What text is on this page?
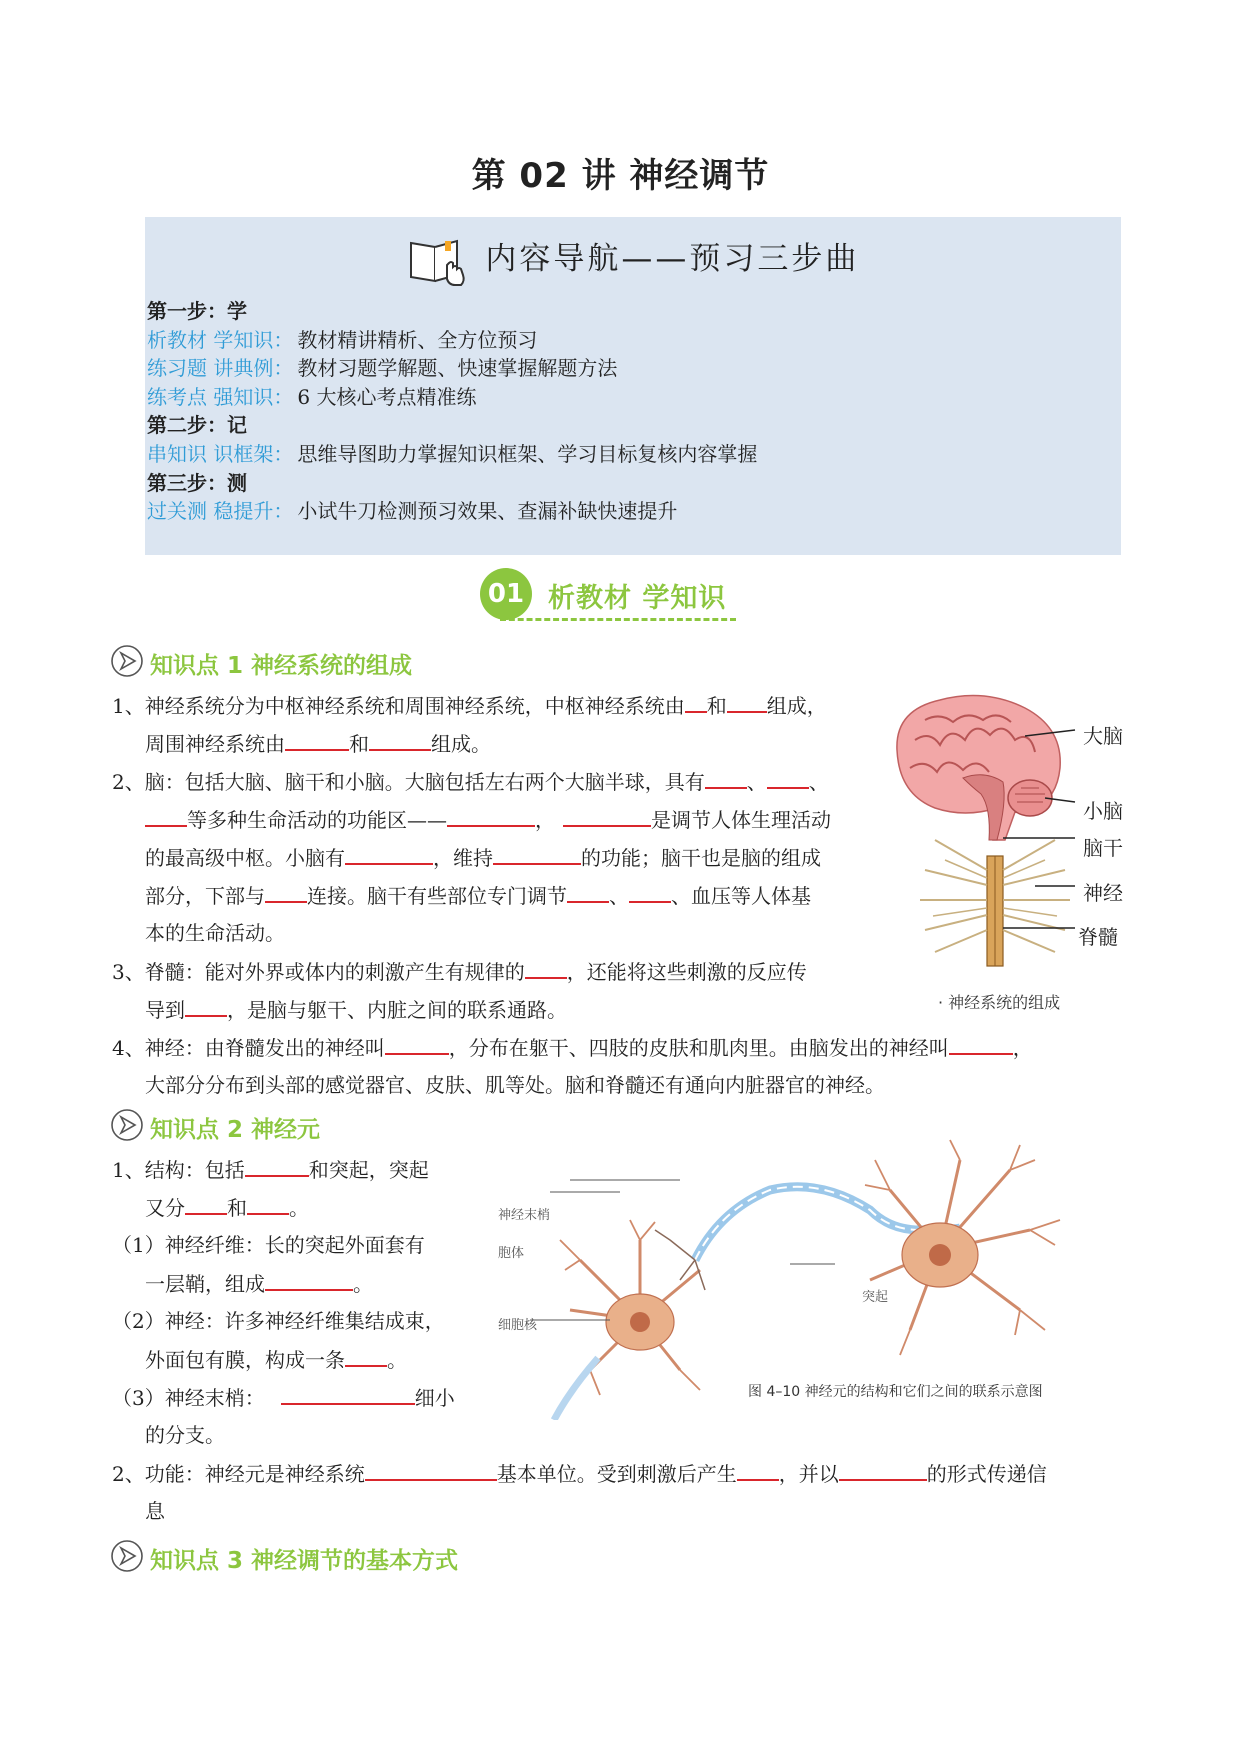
第 02 讲 神经调节
内容导航——预习三步曲
第一步：学
析教材 学知识： 教材精讲精析、全方位预习
练习题 讲典例： 教材习题学解题、快速掌握解题方法
练考点 强知识： 6 大核心考点精准练
第二步：记
串知识 识框架： 思维导图助力掌握知识框架、学习目标复核内容掌握
第三步：测
过关测 稳提升： 小试牛刀检测预习效果、查漏补缺快速提升
01 析教材 学知识
知识点 1 神经系统的组成
1、神经系统分为中枢神经系统和周围神经系统，中枢神经系统由 和 组成，
周围神经系统由	和	组成。
2、脑：包括大脑、脑干和小脑。大脑包括左右两个大脑半球，具有 、 、
等多种生命活动的功能区——	，	是调节人体生理活动
的最高级中枢。小脑有	，维持	的功能；脑干也是脑的组成
部分，下部与 连接。脑干有些部位专门调节 、 、血压等人体基
本的生命活动。
3、脊髓：能对外界或体内的刺激产生有规律的 ，还能将这些刺激的反应传
导到 ，是脑与躯干、内脏之间的联系通路。
4、神经：由脊髓发出的神经叫	，分布在躯干、四肢的皮肤和肌肉里。由脑发出的神经叫	，
大部分分布到头部的感觉器官、皮肤、肌等处。脑和脊髓还有通向内脏器官的神经。
大脑
小脑
脑干
神经
脊髓
· 神经系统的组成
知识点 2 神经元
1、结构：包括	和突起，突起
又分 和 。
（1）神经纤维：长的突起外面套有
一层鞘，组成	。
（2）神经：许多神经纤维集结成束，
外面包有膜，构成一条 。
（3）神经末梢：	细小
的分支。
2、功能：神经元是神经系统	基本单位。受到刺激后产生 ，并以	的形式传递信
息
神经末梢
胞体
细胞核
突起
图 4–10 神经元的结构和它们之间的联系示意图
知识点 3 神经调节的基本方式
